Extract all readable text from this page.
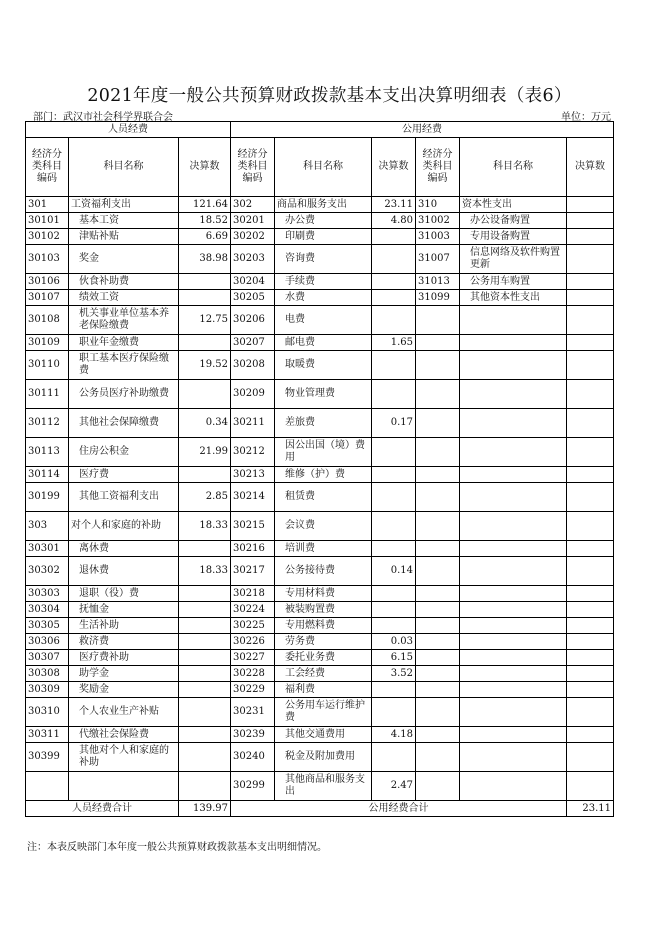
2021年度一般公共预算财政拨款基本支出决算明细表（表6）
部门：武汉市社会科学界联合会	单位：万元
人员经费			公用经费					
经济分类科目编码	科目名称	决算数	经济分类科目编码	科目名称	决算数	经济分类科目编码	科目名称	决算数
301	工资福利支出	121.64	302	商品和服务支出	23.11	310	资本性支出	
30101	基本工资	18.52	30201	办公费	4.80	31002	办公设备购置	
30102	津贴补贴	6.69	30202	印刷费		31003	专用设备购置	
30103	奖金	38.98	30203	咨询费		31007	信息网络及软件购置更新	
30106	伙食补助费		30204	手续费		31013	公务用车购置	
30107	绩效工资		30205	水费		31099	其他资本性支出	
30108	机关事业单位基本养老保险缴费	12.75	30206	电费				
30109	职业年金缴费		30207	邮电费	1.65			
30110	职工基本医疗保险缴费	19.52	30208	取暖费				
30111	公务员医疗补助缴费		30209	物业管理费				
30112	其他社会保障缴费	0.34	30211	差旅费	0.17			
30113	住房公积金	21.99	30212	因公出国（境）费用				
30114	医疗费		30213	维修（护）费				
30199	其他工资福利支出	2.85	30214	租赁费				
303	对个人和家庭的补助	18.33	30215	会议费				
30301	离休费		30216	培训费				
30302	退休费	18.33	30217	公务接待费	0.14			
30303	退职（役）费		30218	专用材料费				
30304	抚恤金		30224	被装购置费				
30305	生活补助		30225	专用燃料费				
30306	救济费		30226	劳务费	0.03			
30307	医疗费补助		30227	委托业务费	6.15			
30308	助学金		30228	工会经费	3.52			
30309	奖励金		30229	福利费				
30310	个人农业生产补贴		30231	公务用车运行维护费				
30311	代缴社会保险费		30239	其他交通费用	4.18			
30399	其他对个人和家庭的补助		30240	税金及附加费用				
			30299	其他商品和服务支出	2.47			
人员经费合计		139.97	公用经费合计					23.11
注：本表反映部门本年度一般公共预算财政拨款基本支出明细情况。
